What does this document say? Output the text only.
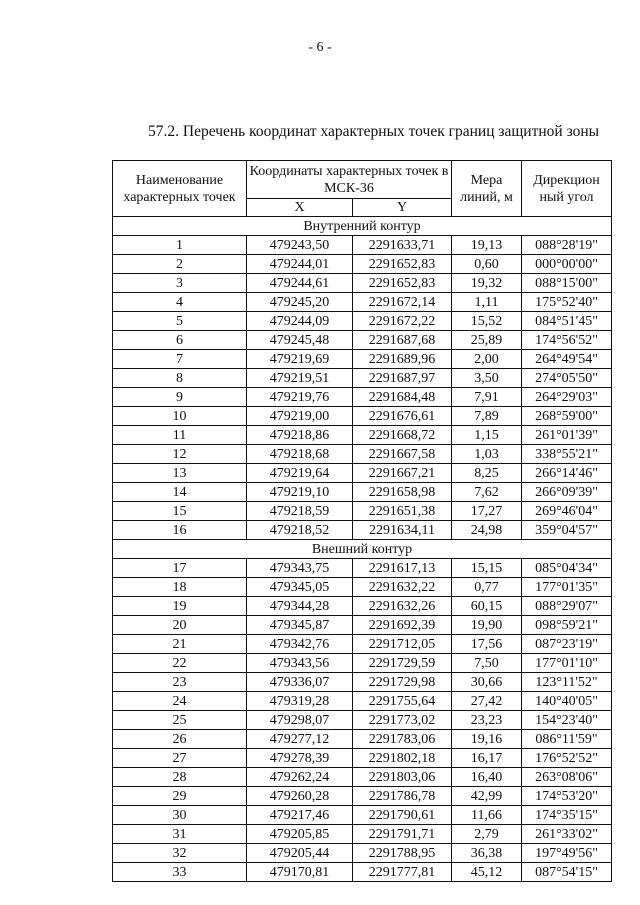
- 6 -
57.2. Перечень координат характерных точек границ защитной зоны
Наименование характерных точек	Координаты характерных точек в МСК-36		Мера линий, м	Дирекцион ный угол
	X	Y		
Внутренний контур				
1	479243,50	2291633,71	19,13	088°28'19"
2	479244,01	2291652,83	0,60	000°00'00"
3	479244,61	2291652,83	19,32	088°15'00"
4	479245,20	2291672,14	1,11	175°52'40"
5	479244,09	2291672,22	15,52	084°51'45"
6	479245,48	2291687,68	25,89	174°56'52"
7	479219,69	2291689,96	2,00	264°49'54"
8	479219,51	2291687,97	3,50	274°05'50"
9	479219,76	2291684,48	7,91	264°29'03"
10	479219,00	2291676,61	7,89	268°59'00"
11	479218,86	2291668,72	1,15	261°01'39"
12	479218,68	2291667,58	1,03	338°55'21"
13	479219,64	2291667,21	8,25	266°14'46"
14	479219,10	2291658,98	7,62	266°09'39"
15	479218,59	2291651,38	17,27	269°46'04"
16	479218,52	2291634,11	24,98	359°04'57"
Внешний контур				
17	479343,75	2291617,13	15,15	085°04'34"
18	479345,05	2291632,22	0,77	177°01'35"
19	479344,28	2291632,26	60,15	088°29'07"
20	479345,87	2291692,39	19,90	098°59'21"
21	479342,76	2291712,05	17,56	087°23'19"
22	479343,56	2291729,59	7,50	177°01'10"
23	479336,07	2291729,98	30,66	123°11'52"
24	479319,28	2291755,64	27,42	140°40'05"
25	479298,07	2291773,02	23,23	154°23'40"
26	479277,12	2291783,06	19,16	086°11'59"
27	479278,39	2291802,18	16,17	176°52'52"
28	479262,24	2291803,06	16,40	263°08'06"
29	479260,28	2291786,78	42,99	174°53'20"
30	479217,46	2291790,61	11,66	174°35'15"
31	479205,85	2291791,71	2,79	261°33'02"
32	479205,44	2291788,95	36,38	197°49'56"
33	479170,81	2291777,81	45,12	087°54'15"
